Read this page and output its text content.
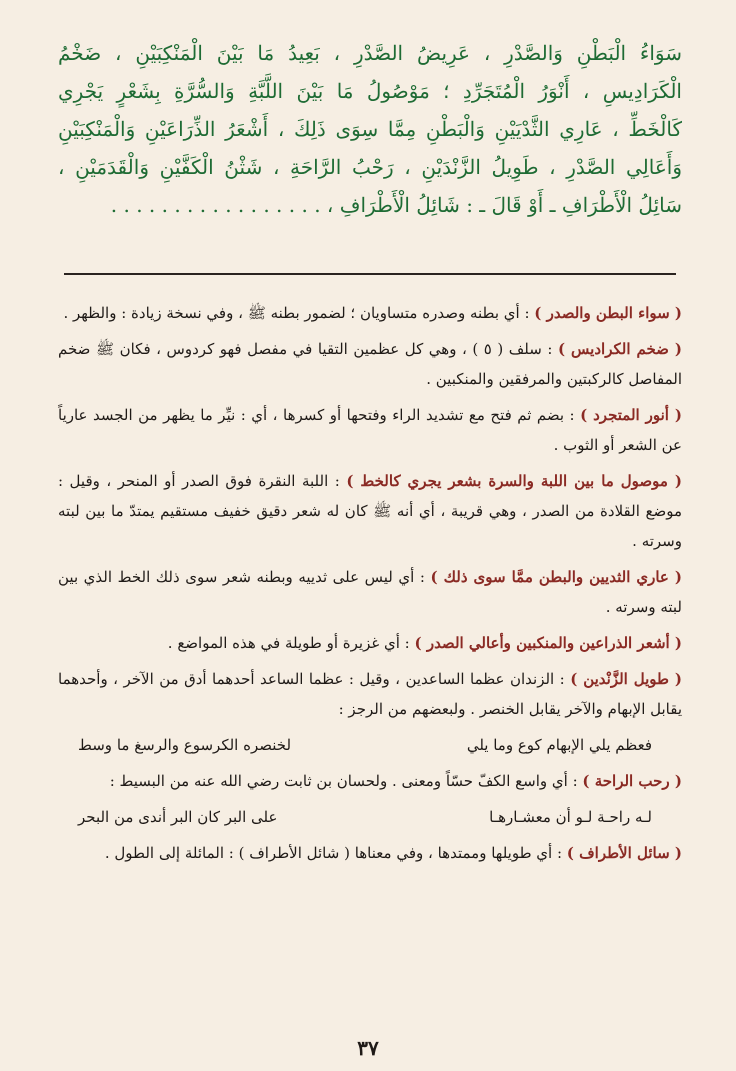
سَوَاءُ الْبَطْنِ وَالصَّدْرِ ، عَرِيضُ الصَّدْرِ ، بَعِيدُ مَا بَيْنَ الْمَنْكِبَيْنِ ، ضَخْمُ
الْكَرَادِيسِ ، أَنْوَرُ الْمُتَجَرِّدِ ؛ مَوْصُولُ مَا بَيْنَ اللَّبَّةِ وَالسُّرَّةِ بِشَعْرٍ يَجْرِي
كَالْخَطِّ ، عَارِي الثَّدْيَيْنِ وَالْبَطْنِ مِمَّا سِوَى ذَلِكَ ، أَشْعَرُ الذِّرَاعَيْنِ وَالْمَنْكِبَيْنِ
وَأَعَالِي الصَّدْرِ ، طَوِيلُ الزَّنْدَيْنِ ، رَحْبُ الرَّاحَةِ ، شَثْنُ الْكَفَّيْنِ وَالْقَدَمَيْنِ ،
سَائِلُ الْأَطْرَافِ ـ أَوْ قَالَ ـ : شَائِلُ الْأَطْرَافِ ، . . . . . . . . . . . . . . . . .

( سواء البطن والصدر ) : أي بطنه وصدره متساويان ؛ لضمور بطنه ﷺ ، وفي نسخة زيادة : والظهر .

( ضخم الكراديس ) : سلف ( ٥ ) ، وهي كل عظمين التقيا في مفصل فهو كردوس ، فكان ﷺ ضخم المفاصل كالركبتين والمرفقين والمنكبين .

( أنور المتجرد ) : بضم ثم فتح مع تشديد الراء وفتحها أو كسرها ، أي : نيِّر ما يظهر من الجسد عارياً عن الشعر أو الثوب .

( موصول ما بين اللبة والسرة بشعر يجري كالخط ) : اللبة النقرة فوق الصدر أو المنحر ، وقيل : موضع القلادة من الصدر ، وهي قريبة ، أي أنه ﷺ كان له شعر دقيق خفيف مستقيم يمتدّ ما بين لبته وسرته .

( عاري الثديين والبطن ممَّا سوى ذلك ) : أي ليس على ثدييه وبطنه شعر سوى ذلك الخط الذي بين لبته وسرته .

( أشعر الذراعين والمنكبين وأعالي الصدر ) : أي غزيرة أو طويلة في هذه المواضع .

( طويل الزَّنْدين ) : الزندان عظما الساعدين ، وقيل : عظما الساعد أحدهما أدق من الآخر ، وأحدهما يقابل الإبهام والآخر يقابل الخنصر . ولبعضهم من الرجز :

فعظم يلي الإبهام كوع وما يلي
لخنصره الكرسوع والرسغ ما وسط

( رحب الراحة ) : أي واسع الكفّ حسّاً ومعنى . ولحسان بن ثابت رضي الله عنه من البسيط :

لـه راحـة لـو أن معشـارهـا
على البر كان البر أندى من البحر

( سائل الأطراف ) : أي طويلها وممتدها ، وفي معناها ( شائل الأطراف ) : المائلة إلى الطول .

٣٧
